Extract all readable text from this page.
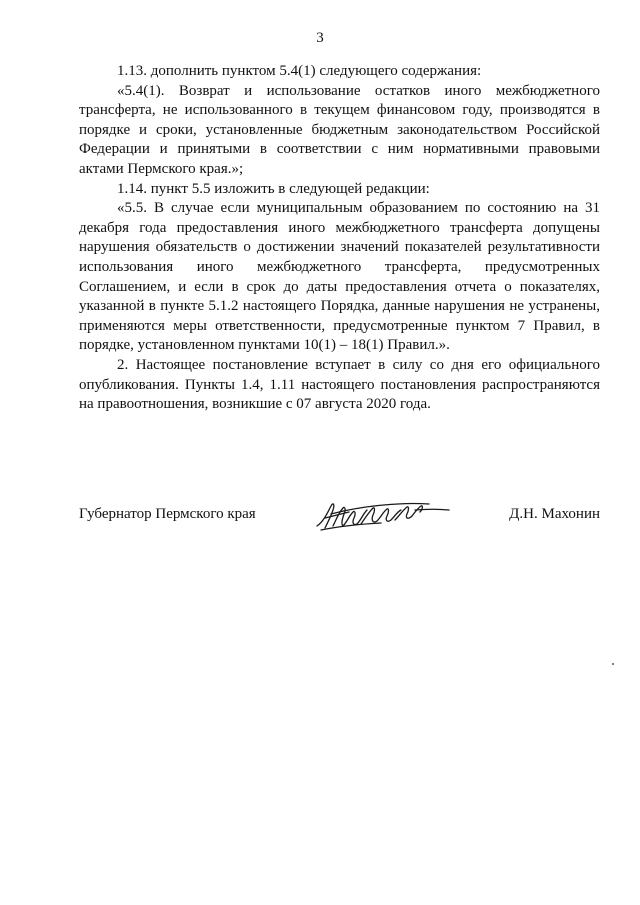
3

1.13. дополнить пунктом 5.4(1) следующего содержания:

«5.4(1). Возврат и использование остатков иного межбюджетного трансферта, не использованного в текущем финансовом году, производятся в порядке и сроки, установленные бюджетным законодательством Российской Федерации и принятыми в соответствии с ним нормативными правовыми актами Пермского края.»;

1.14. пункт 5.5 изложить в следующей редакции:

«5.5. В случае если муниципальным образованием по состоянию на 31 декабря года предоставления иного межбюджетного трансферта допущены нарушения обязательств о достижении значений показателей результативности использования иного межбюджетного трансферта, предусмотренных Соглашением, и если в срок до даты предоставления отчета о показателях, указанной в пункте 5.1.2 настоящего Порядка, данные нарушения не устранены, применяются меры ответственности, предусмотренные пунктом 7 Правил, в порядке, установленном пунктами 10(1) – 18(1) Правил.».

2. Настоящее постановление вступает в силу со дня его официального опубликования. Пункты 1.4, 1.11 настоящего постановления распространяются на правоотношения, возникшие с 07 августа 2020 года.

Губернатор Пермского края	Д.Н. Махонин
